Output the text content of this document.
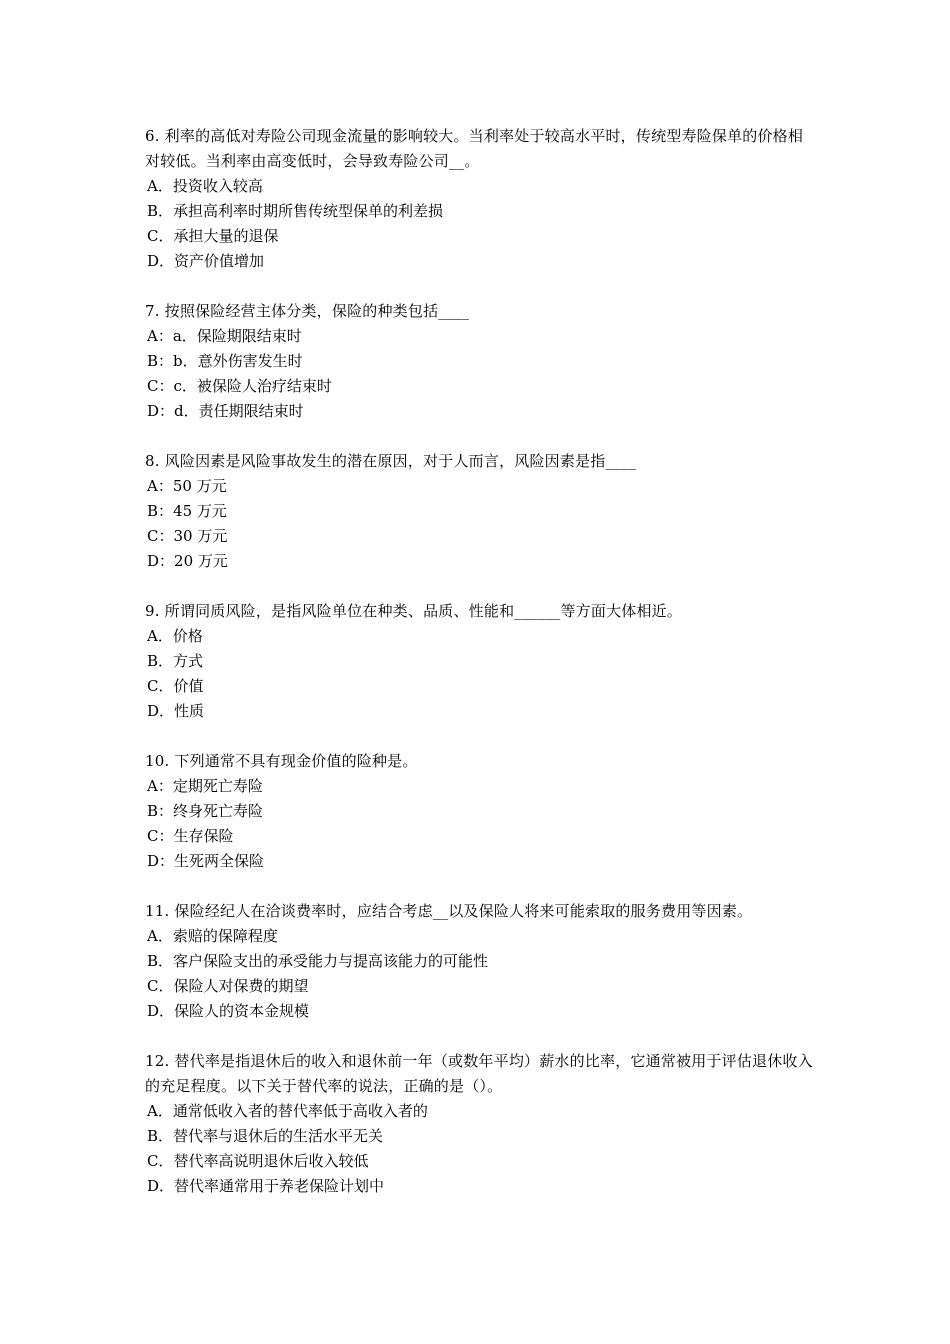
6. 利率的高低对寿险公司现金流量的影响较大。当利率处于较高水平时，传统型寿险保单的价格相对较低。当利率由高变低时，会导致寿险公司__。

A．投资收入较高

B．承担高利率时期所售传统型保单的利差损

C．承担大量的退保

D．资产价值增加

7. 按照保险经营主体分类，保险的种类包括____

A：a．保险期限结束时

B：b．意外伤害发生时

C：c．被保险人治疗结束时

D：d．责任期限结束时

8. 风险因素是风险事故发生的潜在原因，对于人而言，风险因素是指____

A：50 万元

B：45 万元

C：30 万元

D：20 万元

9. 所谓同质风险，是指风险单位在种类、品质、性能和______等方面大体相近。

A．价格

B．方式

C．价值

D．性质

10. 下列通常不具有现金价值的险种是。

A：定期死亡寿险

B：终身死亡寿险

C：生存保险

D：生死两全保险

11. 保险经纪人在洽谈费率时，应结合考虑__以及保险人将来可能索取的服务费用等因素。

A．索赔的保障程度

B．客户保险支出的承受能力与提高该能力的可能性

C．保险人对保费的期望

D．保险人的资本金规模

12. 替代率是指退休后的收入和退休前一年（或数年平均）薪水的比率，它通常被用于评估退休收入的充足程度。以下关于替代率的说法，正确的是（）。

A．通常低收入者的替代率低于高收入者的

B．替代率与退休后的生活水平无关

C．替代率高说明退休后收入较低

D．替代率通常用于养老保险计划中
